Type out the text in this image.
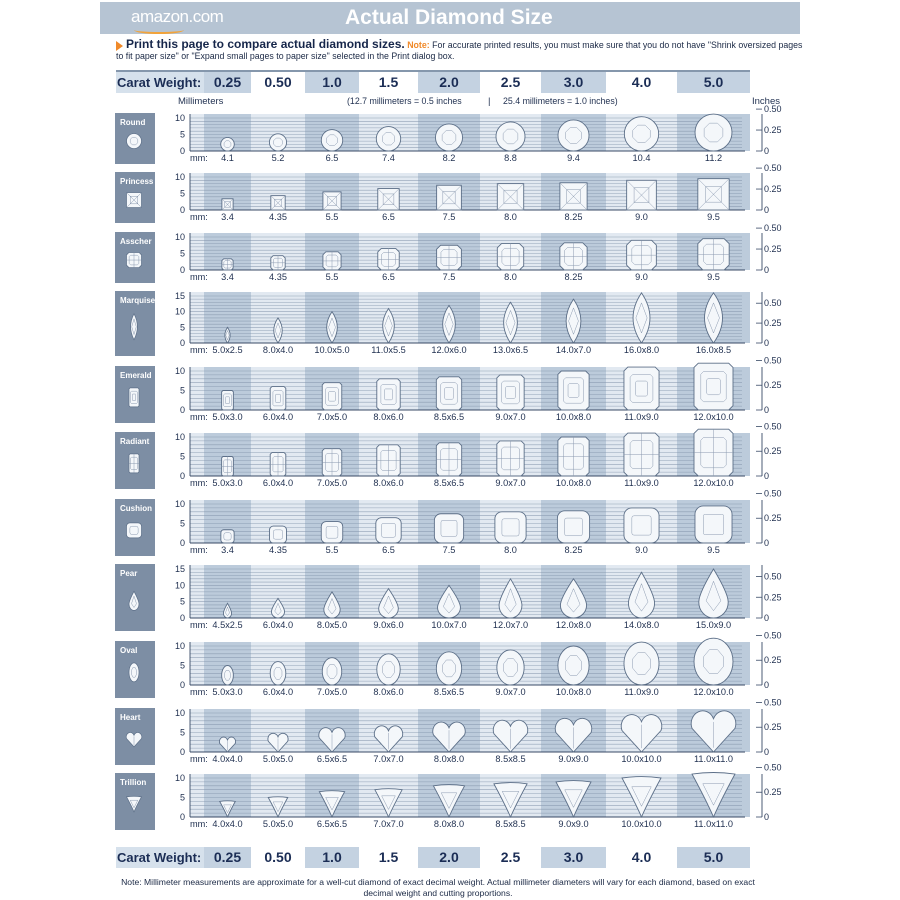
amazon.com	Actual Diamond Size
Print this page to compare actual diamond sizes. Note: For accurate printed results, you must make sure that you do not have "Shrink oversized pages to fit paper size" or "Expand small pages to paper size" selected in the Print dialog box.
Carat Weight: 0.25	0.50	1.0	1.5	2.0	2.5	3.0	4.0	5.0
Millimeters	(12.7 millimeters = 0.5 inches	| 25.4 millimeters = 1.0 inches)	Inches
Round	10
5
0
0.50
0.25
0
4.1	5.2	6.5	7.4	8.2	8.8	9.4	10.4	11.2
mm:
Princess 10
5
0
0.50
0.25
0
3.4	4.35	5.5	6.5	7.5	8.0	8.25	9.0	9.5
mm:
Asscher	10
5
0
0.50
0.25
0
3.4	4.35	5.5	6.5	7.5	8.0	8.25	9.0	9.5
mm:
Marquise 15
10
5
0
0.50
0.25
0
5.0x2.5 8.0x4.0 10.0x5.0 11.0x5.5	12.0x6.0	13.0x6.5	14.0x7.0	16.0x8.0	16.0x8.5
mm:
Emerald	10
5
0
0.50
0.25
0
5.0x3.0 6.0x4.0	7.0x5.0	8.0x6.0	8.5x6.5	9.0x7.0	10.0x8.0	11.0x9.0	12.0x10.0
mm:
Radiant	10
5
0
0.50
0.25
0
5.0x3.0 6.0x4.0	7.0x5.0	8.0x6.0	8.5x6.5	9.0x7.0	10.0x8.0	11.0x9.0	12.0x10.0
mm:
Cushion	10
5
0
0.50
0.25
0
3.4	4.35	5.5	6.5	7.5	8.0	8.25	9.0	9.5
mm:
Pear	15
10
5
0
0.50
0.25
0
4.5x2.5 6.0x4.0	8.0x5.0	9.0x6.0	10.0x7.0	12.0x7.0	12.0x8.0	14.0x8.0	15.0x9.0
mm:
Oval	10
5
0
0.50
0.25
0
5.0x3.0 6.0x4.0	7.0x5.0	8.0x6.0	8.5x6.5	9.0x7.0	10.0x8.0	11.0x9.0	12.0x10.0
mm:
Heart	10
5
0
0.50
0.25
0
4.0x4.0 5.0x5.0	6.5x6.5	7.0x7.0	8.0x8.0	8.5x8.5	9.0x9.0	10.0x10.0	11.0x11.0
mm:
Trillion	10
5
0
0.50
0.25
0
4.0x4.0 5.0x5.0	6.5x6.5	7.0x7.0	8.0x8.0	8.5x8.5	9.0x9.0	10.0x10.0	11.0x11.0
mm:
Carat Weight: 0.25	0.50	1.0	1.5	2.0	2.5	3.0	4.0	5.0
Note: Millimeter measurements are approximate for a well-cut diamond of exact decimal weight. Actual millimeter diameters will vary for each diamond, based on exact decimal weight and cutting proportions.
